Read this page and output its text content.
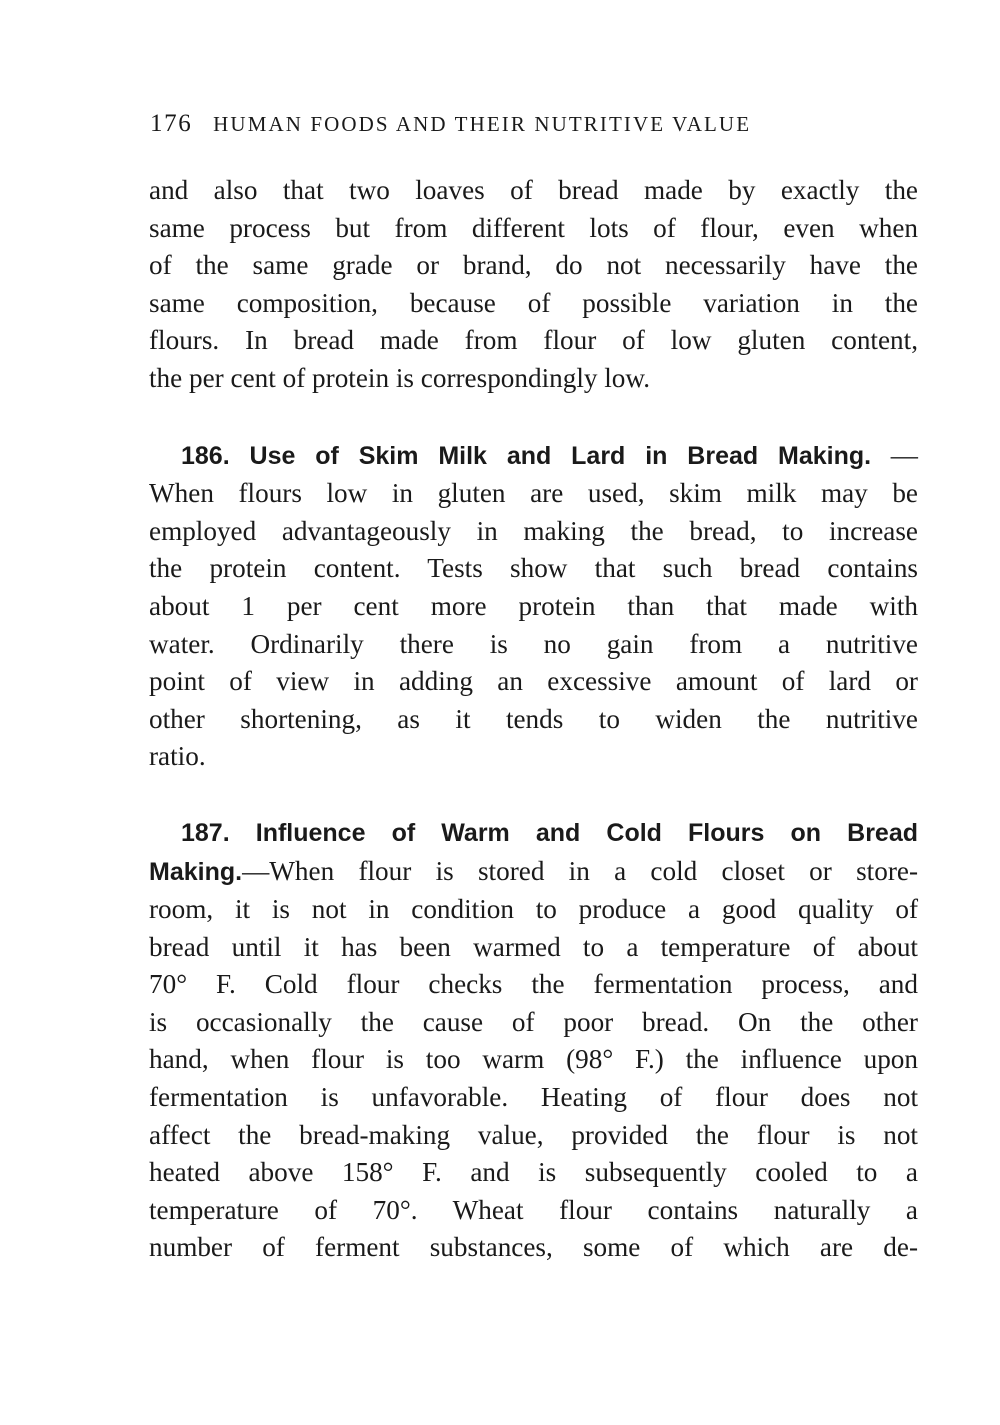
176 HUMAN FOODS AND THEIR NUTRITIVE VALUE
and also that two loaves of bread made by exactly the
same process but from different lots of flour, even when
of the same grade or brand, do not necessarily have the
same composition, because of possible variation in the
flours. In bread made from flour of low gluten content,
the per cent of protein is correspondingly low.
186. Use of Skim Milk and Lard in Bread Making. —
When flours low in gluten are used, skim milk may be
employed advantageously in making the bread, to increase
the protein content. Tests show that such bread contains
about 1 per cent more protein than that made with
water. Ordinarily there is no gain from a nutritive
point of view in adding an excessive amount of lard or
other shortening, as it tends to widen the nutritive
ratio.
187. Influence of Warm and Cold Flours on Bread
Making.—When flour is stored in a cold closet or store-
room, it is not in condition to produce a good quality of
bread until it has been warmed to a temperature of about
70° F. Cold flour checks the fermentation process, and
is occasionally the cause of poor bread. On the other
hand, when flour is too warm (98° F.) the influence upon
fermentation is unfavorable. Heating of flour does not
affect the bread-making value, provided the flour is not
heated above 158° F. and is subsequently cooled to a
temperature of 70°. Wheat flour contains naturally a
number of ferment substances, some of which are de-
